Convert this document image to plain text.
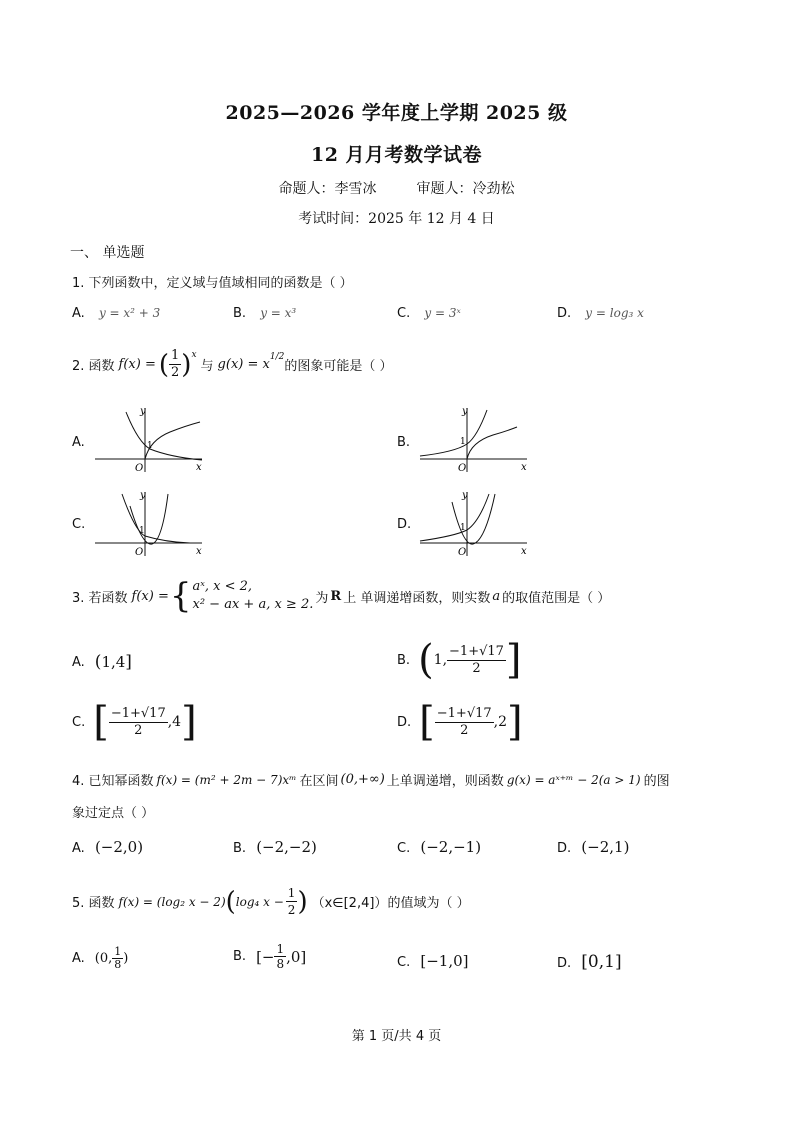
2025—2026 学年度上学期 2025 级
12 月月考数学试卷
命题人：李雪冰         审题人：冷劲松
考试时间：2025 年 12 月 4 日
一、 单选题
1. 下列函数中，定义域与值域相同的函数是（ ）
A. y = x² + 3	B. y = x³	C. y = 3ˣ	D. y = log₃ x
2. 函数 f(x) = ( $\frac{1}{2}$ ) x
与 g(x) = x 1/2
的图象可能是（ ）
A.
y
x
O
1	B.
y
x
O
1
C.
y
x
O
1	D.
y
x
O
1
3. 若函数 f(x) = { aˣ, x < 2,
x² − ax + a, x ≥ 2. 为 R 上 单调递增函数，则实数 a 的取值范围是（ ）
A. ( 1,4 ]	B. ( 1, $\frac{-1+√17}{2}$ ]
C. [ $\frac{-1+√17}{2} ,4$ ]	D. [ $\frac{-1+√17}{2} ,2$ ]
4. 已知幂函数 f(x) = (m² + 2m − 7)xᵐ 在区间 (0,+∞) 上单调递增，则函数 g(x) = aˣ⁺ᵐ − 2(a > 1) 的图
象过定点（ ）
A. (−2,0)	B. (−2,−2)	C. (−2,−1)	D. (−2,1)
5. 函数 f(x) = (log₂ x − 2) ( log₄ $x - \frac{1}{2}$ ) （x∈[2,4]） 的值域为（ ）
A. (0, $\frac{1}{8}$ )	B. [− $\frac{1}{8} ,0$]	C. [−1,0]	D. [0,1]
第 1 页/共 4 页
